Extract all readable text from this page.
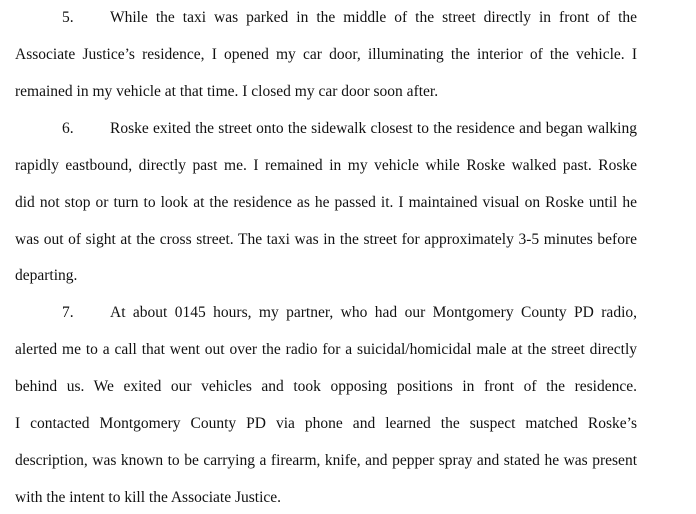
5. While the taxi was parked in the middle of the street directly in front of the
Associate Justice’s residence, I opened my car door, illuminating the interior of the vehicle. I
remained in my vehicle at that time. I closed my car door soon after.
6. Roske exited the street onto the sidewalk closest to the residence and began walking
rapidly eastbound, directly past me. I remained in my vehicle while Roske walked past. Roske
did not stop or turn to look at the residence as he passed it. I maintained visual on Roske until he
was out of sight at the cross street. The taxi was in the street for approximately 3-5 minutes before
departing.
7. At about 0145 hours, my partner, who had our Montgomery County PD radio,
alerted me to a call that went out over the radio for a suicidal/homicidal male at the street directly
behind us. We exited our vehicles and took opposing positions in front of the residence.
I contacted Montgomery County PD via phone and learned the suspect matched Roske’s
description, was known to be carrying a firearm, knife, and pepper spray and stated he was present
with the intent to kill the Associate Justice.
